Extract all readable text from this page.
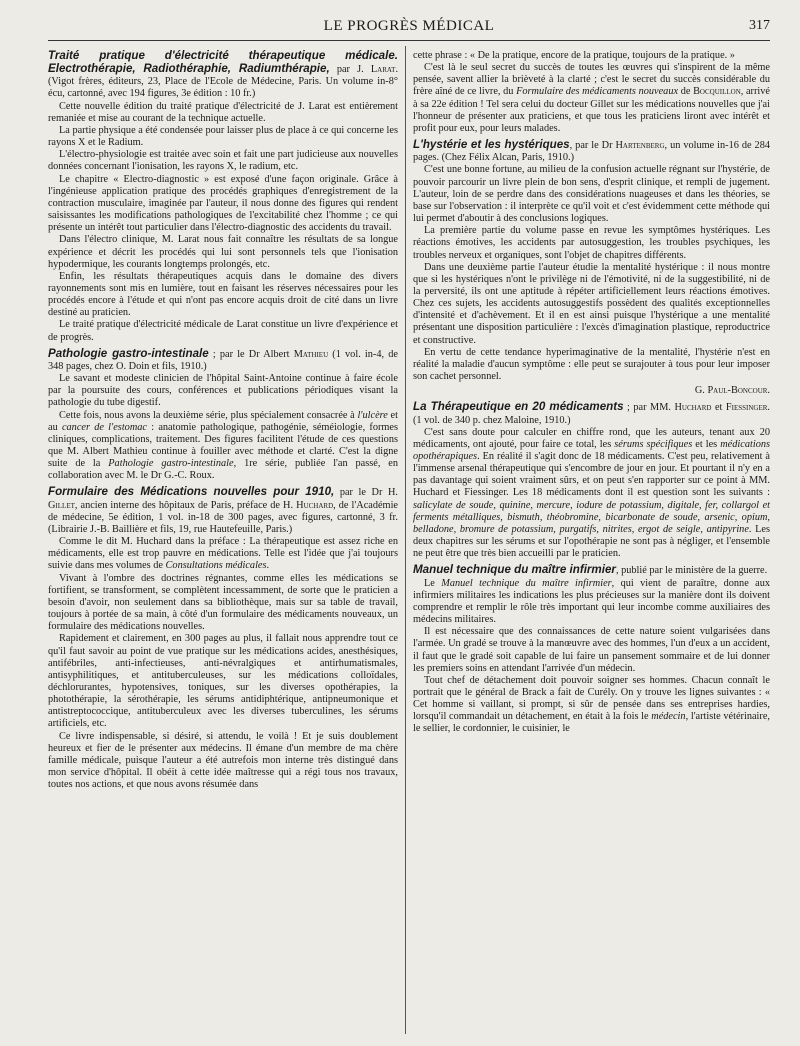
LE PROGRÈS MÉDICAL	317

Traité pratique d'électricité thérapeutique médicale. Electrothérapie, Radiothéraphie, Radiumthérapie, par J. Larat. (Vigot frères, éditeurs, 23, Place de l'Ecole de Médecine, Paris. Un volume in-8° écu, cartonné, avec 194 figures, 3e édition : 10 fr.)

Cette nouvelle édition du traité pratique d'électricité de J. Larat est entièrement remaniée et mise au courant de la technique actuelle.

La partie physique a été condensée pour laisser plus de place à ce qui concerne les rayons X et le Radium.

L'électro-physiologie est traitée avec soin et fait une part judicieuse aux nouvelles données concernant l'ionisation, les rayons X, le radium, etc.

Le chapitre « Electro-diagnostic » est exposé d'une façon originale. Grâce à l'ingénieuse application pratique des procédés graphiques d'enregistrement de la contraction musculaire, imaginée par l'auteur, il nous donne des figures qui rendent saisissantes les modifications pathologiques de l'excitabilité chez l'homme ; ce qui présente un intérêt tout particulier dans l'électro-diagnostic des accidents du travail.

Dans l'électro clinique, M. Larat nous fait connaître les résultats de sa longue expérience et décrit les procédés qui lui sont personnels tels que l'ionisation hypodermique, les courants longtemps prolongés, etc.

Enfin, les résultats thérapeutiques acquis dans le domaine des divers rayonnements sont mis en lumière, tout en faisant les réserves nécessaires pour les procédés encore à l'étude et qui n'ont pas encore acquis droit de cité dans un livre destiné au praticien.

Le traité pratique d'électricité médicale de Larat constitue un livre d'expérience et de progrès.

Pathologie gastro-intestinale ; par le Dr Albert Mathieu (1 vol. in-4, de 348 pages, chez O. Doin et fils, 1910.)

Le savant et modeste clinicien de l'hôpital Saint-Antoine continue à faire école par la poursuite des cours, conférences et publications périodiques visant la pathologie du tube digestif.

Cette fois, nous avons la deuxième série, plus spécialement consacrée à l'ulcère et au cancer de l'estomac : anatomie pathologique, pathogénie, séméiologie, formes cliniques, complications, traitement. Des figures facilitent l'étude de ces questions que M. Albert Mathieu continue à fouiller avec méthode et clarté. C'est la digne suite de la Pathologie gastro-intestinale, 1re série, publiée l'an passé, en collaboration avec M. le Dr G.-C. Roux.

Formulaire des Médications nouvelles pour 1910, par le Dr H. Gillet, ancien interne des hôpitaux de Paris, préface de H. Huchard, de l'Académie de médecine, 5e édition, 1 vol. in-18 de 300 pages, avec figures, cartonné, 3 fr. (Librairie J.-B. Baillière et fils, 19, rue Hautefeuille, Paris.)

Comme le dit M. Huchard dans la préface : La thérapeutique est assez riche en médicaments, elle est trop pauvre en médications. Telle est l'idée que j'ai toujours suivie dans mes volumes de Consultations médicales.

Vivant à l'ombre des doctrines régnantes, comme elles les médications se fortifient, se transforment, se complètent incessamment, de sorte que le praticien a besoin d'avoir, non seulement dans sa bibliothèque, mais sur sa table de travail, toujours à portée de sa main, à côté d'un formulaire des médicaments nouveaux, un formulaire des médications nouvelles.

Rapidement et clairement, en 300 pages au plus, il fallait nous apprendre tout ce qu'il faut savoir au point de vue pratique sur les médications acides, anesthésiques, antifébriles, anti-infectieuses, anti-névralgiques et antirhumatismales, antisyphilitiques, et antituberculeuses, sur les médications colloïdales, déchlorurantes, hypotensives, toniques, sur les diverses opothérapies, la photothérapie, la sérothérapie, les sérums antidiphtérique, antipneumonique et antistreptococcique, antituberculeux avec les diverses tuberculines, les sérums artificiels, etc.

Ce livre indispensable, si désiré, si attendu, le voilà ! Et je suis doublement heureux et fier de le présenter aux médecins. Il émane d'un membre de ma chère famille médicale, puisque l'auteur a été autrefois mon interne très distingué dans mon service d'hôpital. Il obéit à cette idée maîtresse qui a régi tous nos travaux, toutes nos actions, et que nous avons résumée dans

cette phrase : « De la pratique, encore de la pratique, toujours de la pratique. »

C'est là le seul secret du succès de toutes les œuvres qui s'inspirent de la même pensée, savent allier la brièveté à la clarté ; c'est le secret du succès considérable du frère aîné de ce livre, du Formulaire des médicaments nouveaux de Bocquillon, arrivé à sa 22e édition ! Tel sera celui du docteur Gillet sur les médications nouvelles que j'ai l'honneur de présenter aux praticiens, et que tous les praticiens liront avec intérêt et profit pour eux, pour leurs malades.

L'hystérie et les hystériques, par le Dr Hartenberg, un volume in-16 de 284 pages. (Chez Félix Alcan, Paris, 1910.)

C'est une bonne fortune, au milieu de la confusion actuelle régnant sur l'hystérie, de pouvoir parcourir un livre plein de bon sens, d'esprit clinique, et rempli de jugement. L'auteur, loin de se perdre dans des considérations nuageuses et dans les théories, se base sur l'observation : il interprète ce qu'il voit et c'est évidemment cette méthode qui lui permet d'aboutir à des conclusions logiques.

La première partie du volume passe en revue les symptômes hystériques. Les réactions émotives, les accidents par autosuggestion, les troubles psychiques, les troubles nerveux et organiques, sont l'objet de chapitres différents.

Dans une deuxième partie l'auteur étudie la mentalité hystérique : il nous montre que si les hystériques n'ont le privilège ni de l'émotivité, ni de la suggestibilité, ni de la perversité, ils ont une aptitude à répéter artificiellement leurs réactions émotives. Chez ces sujets, les accidents autosuggestifs possèdent des qualités exceptionnelles d'intensité et d'achèvement. Et il en est ainsi puisque l'hystérique a une mentalité présentant une disposition particulière : l'excès d'imagination plastique, reproductrice et constructive.

En vertu de cette tendance hyperimaginative de la mentalité, l'hystérie n'est en réalité la maladie d'aucun symptôme : elle peut se surajouter à tous pour leur imposer son cachet personnel.

G. Paul-Boncour.

La Thérapeutique en 20 médicaments ; par MM. Huchard et Fiessinger. (1 vol. de 340 p. chez Maloine, 1910.)

C'est sans doute pour calculer en chiffre rond, que les auteurs, tenant aux 20 médicaments, ont ajouté, pour faire ce total, les sérums spécifiques et les médications opothérapiques. En réalité il s'agit donc de 18 médicaments. C'est peu, relativement à l'immense arsenal thérapeutique qui s'encombre de jour en jour. Et pourtant il n'y en a pas davantage qui soient vraiment sûrs, et on peut s'en rapporter sur ce point à MM. Huchard et Fiessinger. Les 18 médicaments dont il est question sont les suivants : salicylate de soude, quinine, mercure, iodure de potassium, digitale, fer, collargol et ferments métalliques, bismuth, théobromine, bicarbonate de soude, arsenic, opium, belladone, bromure de potassium, purgatifs, nitrites, ergot de seigle, antipyrine. Les deux chapitres sur les sérums et sur l'opothérapie ne sont pas à négliger, et l'ensemble ne peut être que très bien accueilli par le praticien.

Manuel technique du maître infirmier, publié par le ministère de la guerre.

Le Manuel technique du maître infirmier, qui vient de paraître, donne aux infirmiers militaires les indications les plus précieuses sur la manière dont ils doivent comprendre et remplir le rôle très important qui leur incombe comme auxiliaires des médecins militaires.

Il est nécessaire que des connaissances de cette nature soient vulgarisées dans l'armée. Un gradé se trouve à la manœuvre avec des hommes, l'un d'eux a un accident, il faut que le gradé soit capable de lui faire un pansement sommaire et de lui donner les premiers soins en attendant l'arrivée d'un médecin.

Tout chef de détachement doit pouvoir soigner ses hommes. Chacun connaît le portrait que le général de Brack a fait de Curély. On y trouve les lignes suivantes : « Cet homme si vaillant, si prompt, si sûr de pensée dans ses entreprises hardies, lorsqu'il commandait un détachement, en était à la fois le médecin, l'artiste vétérinaire, le sellier, le cordonnier, le cuisinier, le
